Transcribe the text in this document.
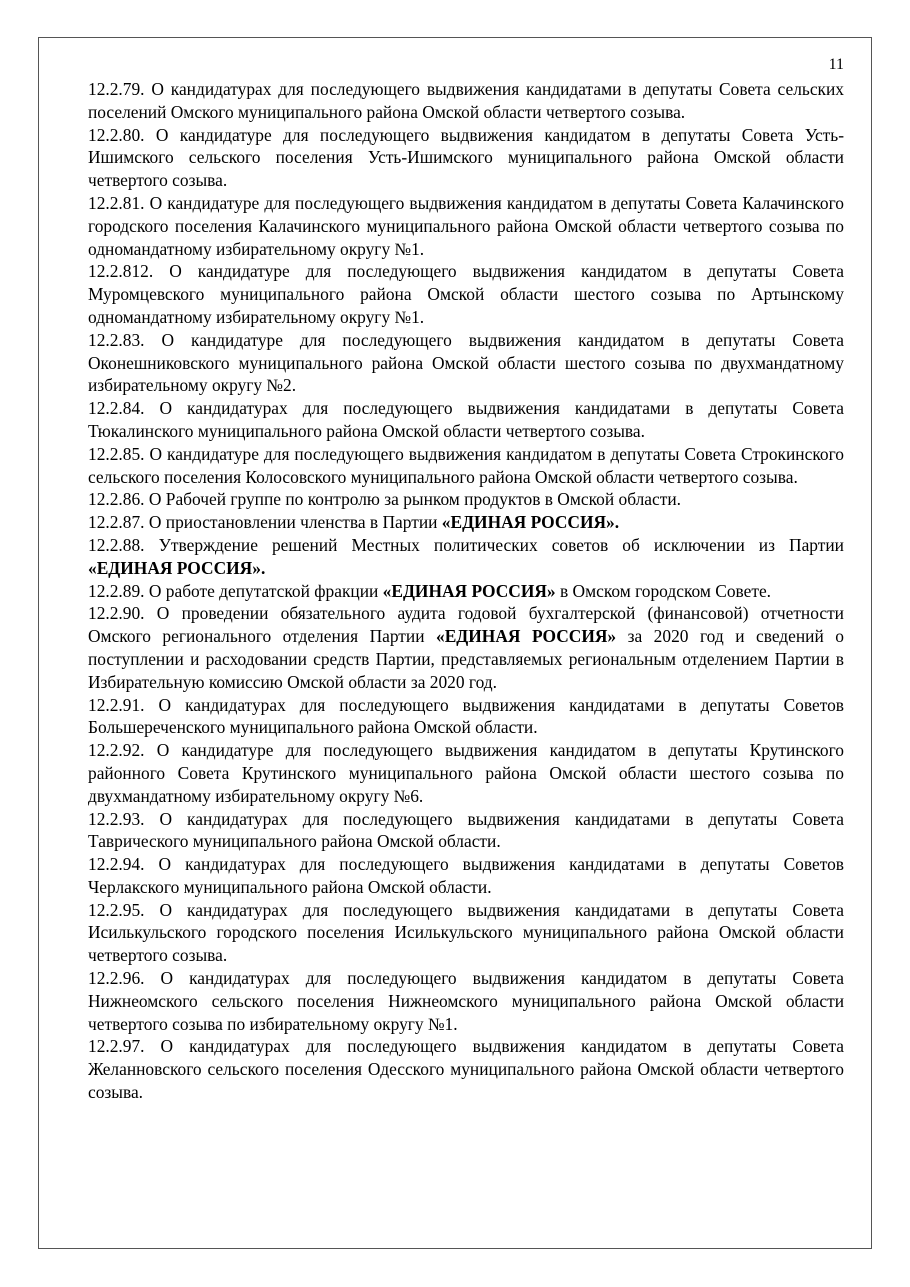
11

12.2.79. О кандидатурах для последующего выдвижения кандидатами в депутаты Совета сельских поселений Омского муниципального района Омской области четвертого созыва.

12.2.80. О кандидатуре для последующего выдвижения кандидатом в депутаты Совета Усть-Ишимского сельского поселения Усть-Ишимского муниципального района Омской области четвертого созыва.

12.2.81. О кандидатуре для последующего выдвижения кандидатом в депутаты Совета Калачинского городского поселения Калачинского муниципального района Омской области четвертого созыва по одномандатному избирательному округу №1.

12.2.812. О кандидатуре для последующего выдвижения кандидатом в депутаты Совета Муромцевского муниципального района Омской области шестого созыва по Артынскому одномандатному избирательному округу №1.

12.2.83. О кандидатуре для последующего выдвижения кандидатом в депутаты Совета Оконешниковского муниципального района Омской области шестого созыва по двухмандатному избирательному округу №2.

12.2.84. О кандидатурах для последующего выдвижения кандидатами в депутаты Совета Тюкалинского муниципального района Омской области четвертого созыва.

12.2.85. О кандидатуре для последующего выдвижения кандидатом в депутаты Совета Строкинского сельского поселения Колосовского муниципального района Омской области четвертого созыва.

12.2.86. О Рабочей группе по контролю за рынком продуктов в Омской области.

12.2.87. О приостановлении членства в Партии «ЕДИНАЯ РОССИЯ».

12.2.88. Утверждение решений Местных политических советов об исключении из Партии «ЕДИНАЯ РОССИЯ».

12.2.89. О работе депутатской фракции «ЕДИНАЯ РОССИЯ» в Омском городском Совете.

12.2.90. О проведении обязательного аудита годовой бухгалтерской (финансовой) отчетности Омского регионального отделения Партии «ЕДИНАЯ РОССИЯ» за 2020 год и сведений о поступлении и расходовании средств Партии, представляемых региональным отделением Партии в Избирательную комиссию Омской области за 2020 год.

12.2.91. О кандидатурах для последующего выдвижения кандидатами в депутаты Советов Большереченского муниципального района Омской области.

12.2.92. О кандидатуре для последующего выдвижения кандидатом в депутаты Крутинского районного Совета Крутинского муниципального района Омской области шестого созыва по двухмандатному избирательному округу №6.

12.2.93. О кандидатурах для последующего выдвижения кандидатами в депутаты Совета Таврического муниципального района Омской области.

12.2.94. О кандидатурах для последующего выдвижения кандидатами в депутаты Советов Черлакского муниципального района Омской области.

12.2.95. О кандидатурах для последующего выдвижения кандидатами в депутаты Совета Исилькульского городского поселения Исилькульского муниципального района Омской области четвертого созыва.

12.2.96. О кандидатурах для последующего выдвижения кандидатом в депутаты Совета Нижнеомского сельского поселения Нижнеомского муниципального района Омской области четвертого созыва по избирательному округу №1.

12.2.97. О кандидатурах для последующего выдвижения кандидатом в депутаты Совета Желанновского сельского поселения Одесского муниципального района Омской области четвертого созыва.
